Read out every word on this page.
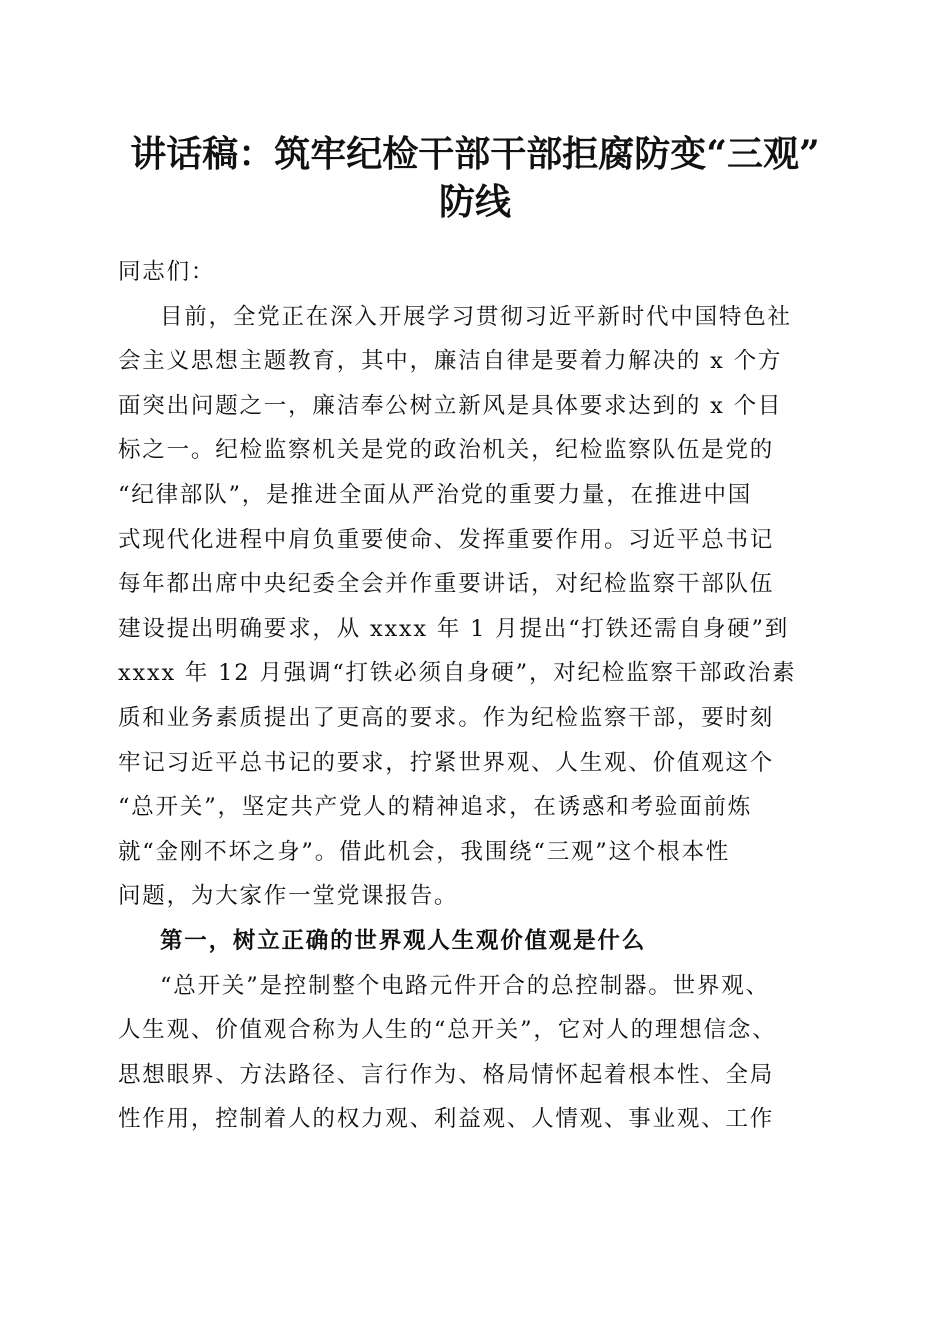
讲话稿：筑牢纪检干部干部拒腐防变“三观”
防线
同志们：
目前，全党正在深入开展学习贯彻习近平新时代中国特色社
会主义思想主题教育，其中，廉洁自律是要着力解决的 x 个方
面突出问题之一，廉洁奉公树立新风是具体要求达到的 x 个目
标之一。纪检监察机关是党的政治机关，纪检监察队伍是党的
“纪律部队”，是推进全面从严治党的重要力量，在推进中国
式现代化进程中肩负重要使命、发挥重要作用。习近平总书记
每年都出席中央纪委全会并作重要讲话，对纪检监察干部队伍
建设提出明确要求，从 xxxx 年 1 月提出“打铁还需自身硬”到
xxxx 年 12 月强调“打铁必须自身硬”，对纪检监察干部政治素
质和业务素质提出了更高的要求。作为纪检监察干部，要时刻
牢记习近平总书记的要求，拧紧世界观、人生观、价值观这个
“总开关”，坚定共产党人的精神追求，在诱惑和考验面前炼
就“金刚不坏之身”。借此机会，我围绕“三观”这个根本性
问题，为大家作一堂党课报告。
第一，树立正确的世界观人生观价值观是什么
“总开关”是控制整个电路元件开合的总控制器。世界观、
人生观、价值观合称为人生的“总开关”，它对人的理想信念、
思想眼界、方法路径、言行作为、格局情怀起着根本性、全局
性作用，控制着人的权力观、利益观、人情观、事业观、工作
